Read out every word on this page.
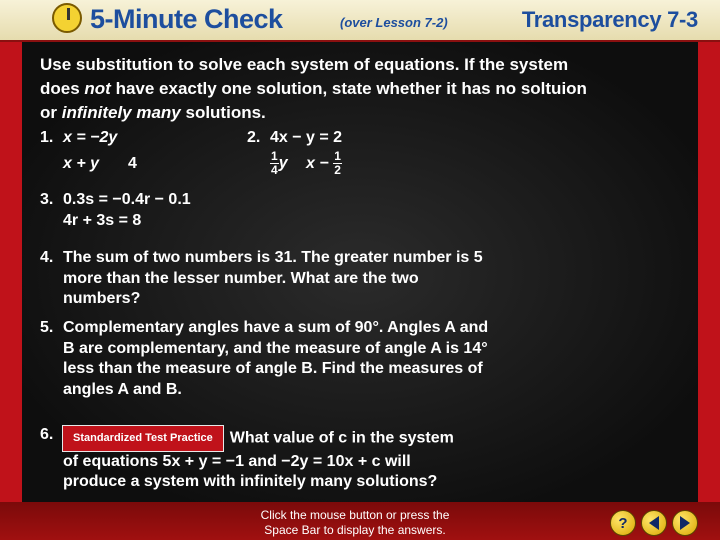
5-Minute Check	(over Lesson 7-2)	Transparency 7-3
Use substitution to solve each system of equations. If the system
does not have exactly one solution, state whether it has no soltuion
or infinitely many solutions.
1. x = −2y
x + y 4
2. 4x − y = 2
$\frac{1}{4}$ y $x - \frac{1}{2}$
3. 0.3s = −0.4r − 0.1
4r + 3s = 8
4. The sum of two numbers is 31. The greater number is 5
more than the lesser number. What are the two
numbers?
5. Complementary angles have a sum of 90°. Angles A and
B are complementary, and the measure of angle A is 14°
less than the measure of angle B. Find the measures of
angles A and B.
6.	Standardized Test Practice What value of c in the system
of equations 5x + y = −1 and −2y = 10x + c will
produce a system with infinitely many solutions?
Click the mouse button or press the
Space Bar to display the answers.	?
